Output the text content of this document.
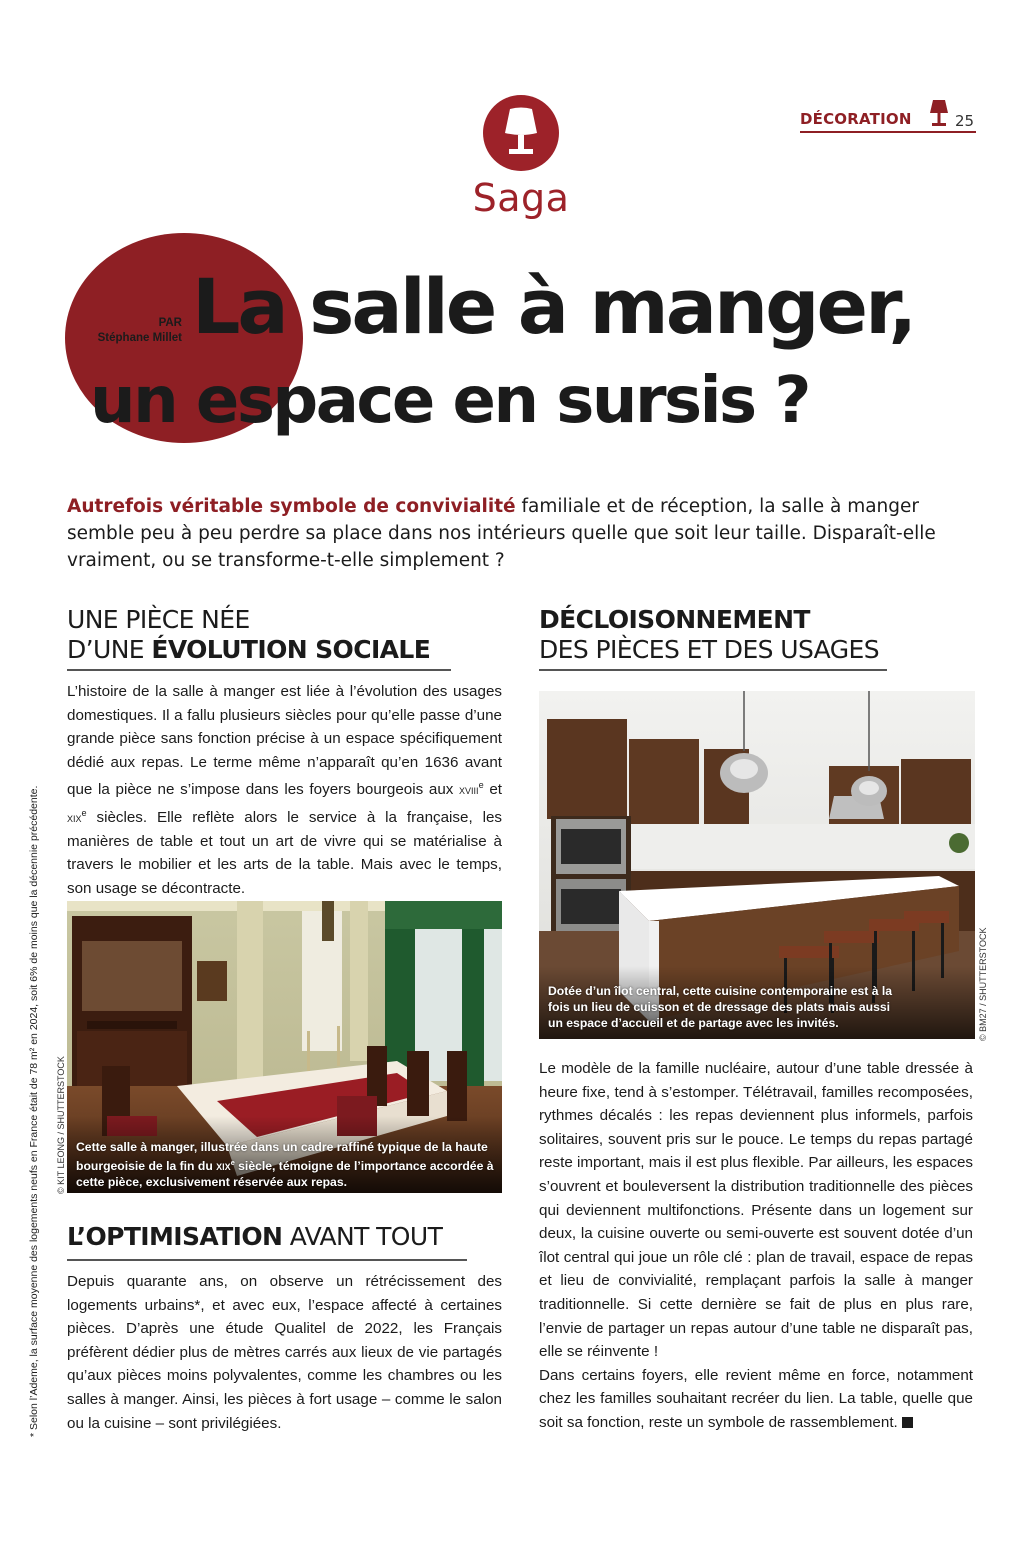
DÉCORATION	25
Saga
PAR
Stéphane Millet La salle à manger,
un espace en sursis ?
Autrefois véritable symbole de convivialité familiale et de réception, la salle à manger semble peu à peu perdre sa place dans nos intérieurs quelle que soit leur taille. Disparaît-elle vraiment, ou se transforme-t-elle simplement ?
UNE PIÈCE NÉE
D’UNE ÉVOLUTION SOCIALE

L’histoire de la salle à manger est liée à l’évolution des usages domestiques. Il a fallu plusieurs siècles pour qu’elle passe d’une grande pièce sans fonction précise à un espace spécifiquement dédié aux repas. Le terme même n’apparaît qu’en 1636 avant que la pièce ne s’impose dans les foyers bourgeois aux xviii$^e$ et xix$^e$ siècles. Elle reflète alors le service à la française, les manières de table et tout un art de vivre qui se matérialise à travers le mobilier et les arts de la table. Mais avec le temps, son usage se décontracte.

Cette salle à manger, illustrée dans un cadre raffiné typique de la haute bourgeoisie de la fin du xix$^e$ siècle, témoigne de l’importance accordée à cette pièce, exclusivement réservée aux repas.
© KIT LEONG / SHUTTERSTOCK
L’OPTIMISATION AVANT TOUT

Depuis quarante ans, on observe un rétrécissement des logements urbains*, et avec eux, l’espace affecté à certaines pièces. D’après une étude Qualitel de 2022, les Français préfèrent dédier plus de mètres carrés aux lieux de vie partagés qu’aux pièces moins polyvalentes, comme les chambres ou les salles à manger. Ainsi, les pièces à fort usage – comme le salon ou la cuisine – sont privilégiées.

DÉCLOISONNEMENT
DES PIÈCES ET DES USAGES
Dotée d’un îlot central, cette cuisine contemporaine est à la fois un lieu de cuisson et de dressage des plats mais aussi un espace d’accueil et de partage avec les invités.	© BM27 / SHUTTERSTOCK

Le modèle de la famille nucléaire, autour d’une table dressée à heure fixe, tend à s’estomper. Télétravail, familles recomposées, rythmes décalés : les repas deviennent plus informels, parfois solitaires, souvent pris sur le pouce. Le temps du repas partagé reste important, mais il est plus flexible. Par ailleurs, les espaces s’ouvrent et bouleversent la distribution traditionnelle des pièces qui deviennent multifonctions. Présente dans un logement sur deux, la cuisine ouverte ou semi-ouverte est souvent dotée d’un îlot central qui joue un rôle clé : plan de travail, espace de repas et lieu de convivialité, remplaçant parfois la salle à manger traditionnelle. Si cette dernière se fait de plus en plus rare, l’envie de partager un repas autour d’une table ne disparaît pas, elle se réinvente !

Dans certains foyers, elle revient même en force, notamment chez les familles souhaitant recréer du lien. La table, quelle que soit sa fonction, reste un symbole de rassemblement.

* Selon l’Ademe, la surface moyenne des logements neufs en France était de 78 m² en 2024, soit 6% de moins que la décennie précédente.
